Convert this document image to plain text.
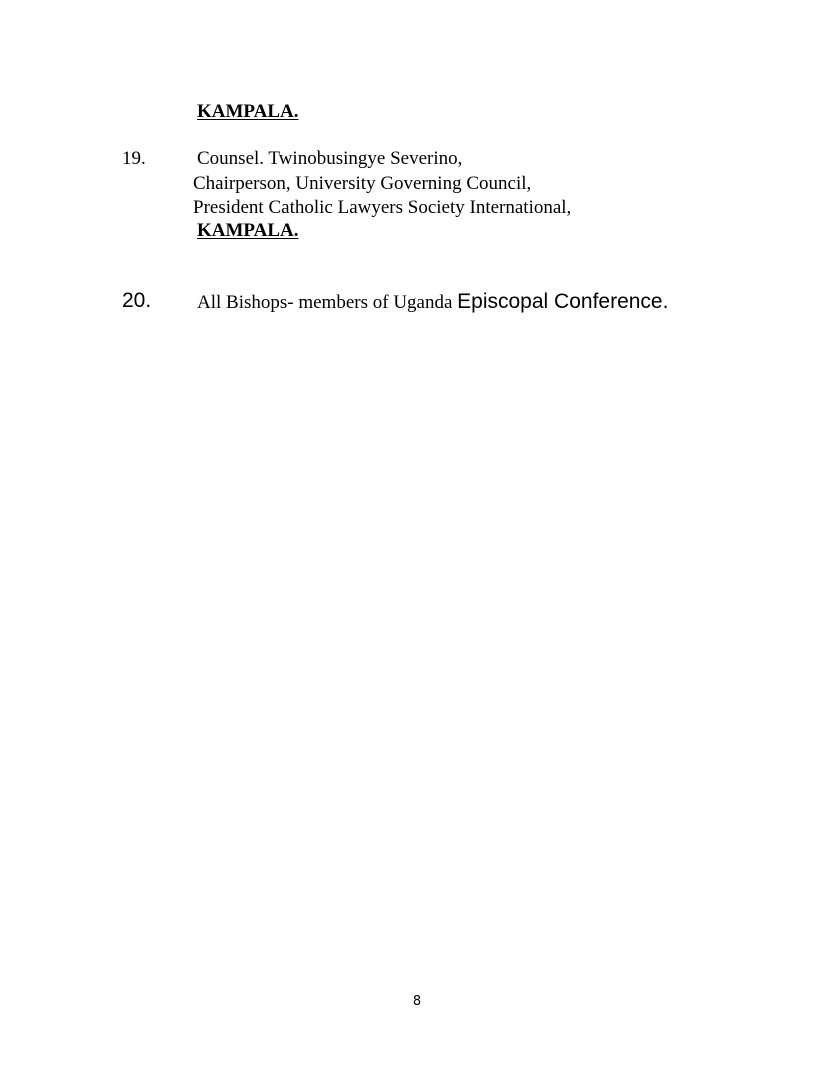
KAMPALA.
19.	Counsel. Twinobusingye Severino,
Chairperson, University Governing Council,
President Catholic Lawyers Society International,
KAMPALA.
20. All Bishops- members of Uganda Episcopal Conference.
8
